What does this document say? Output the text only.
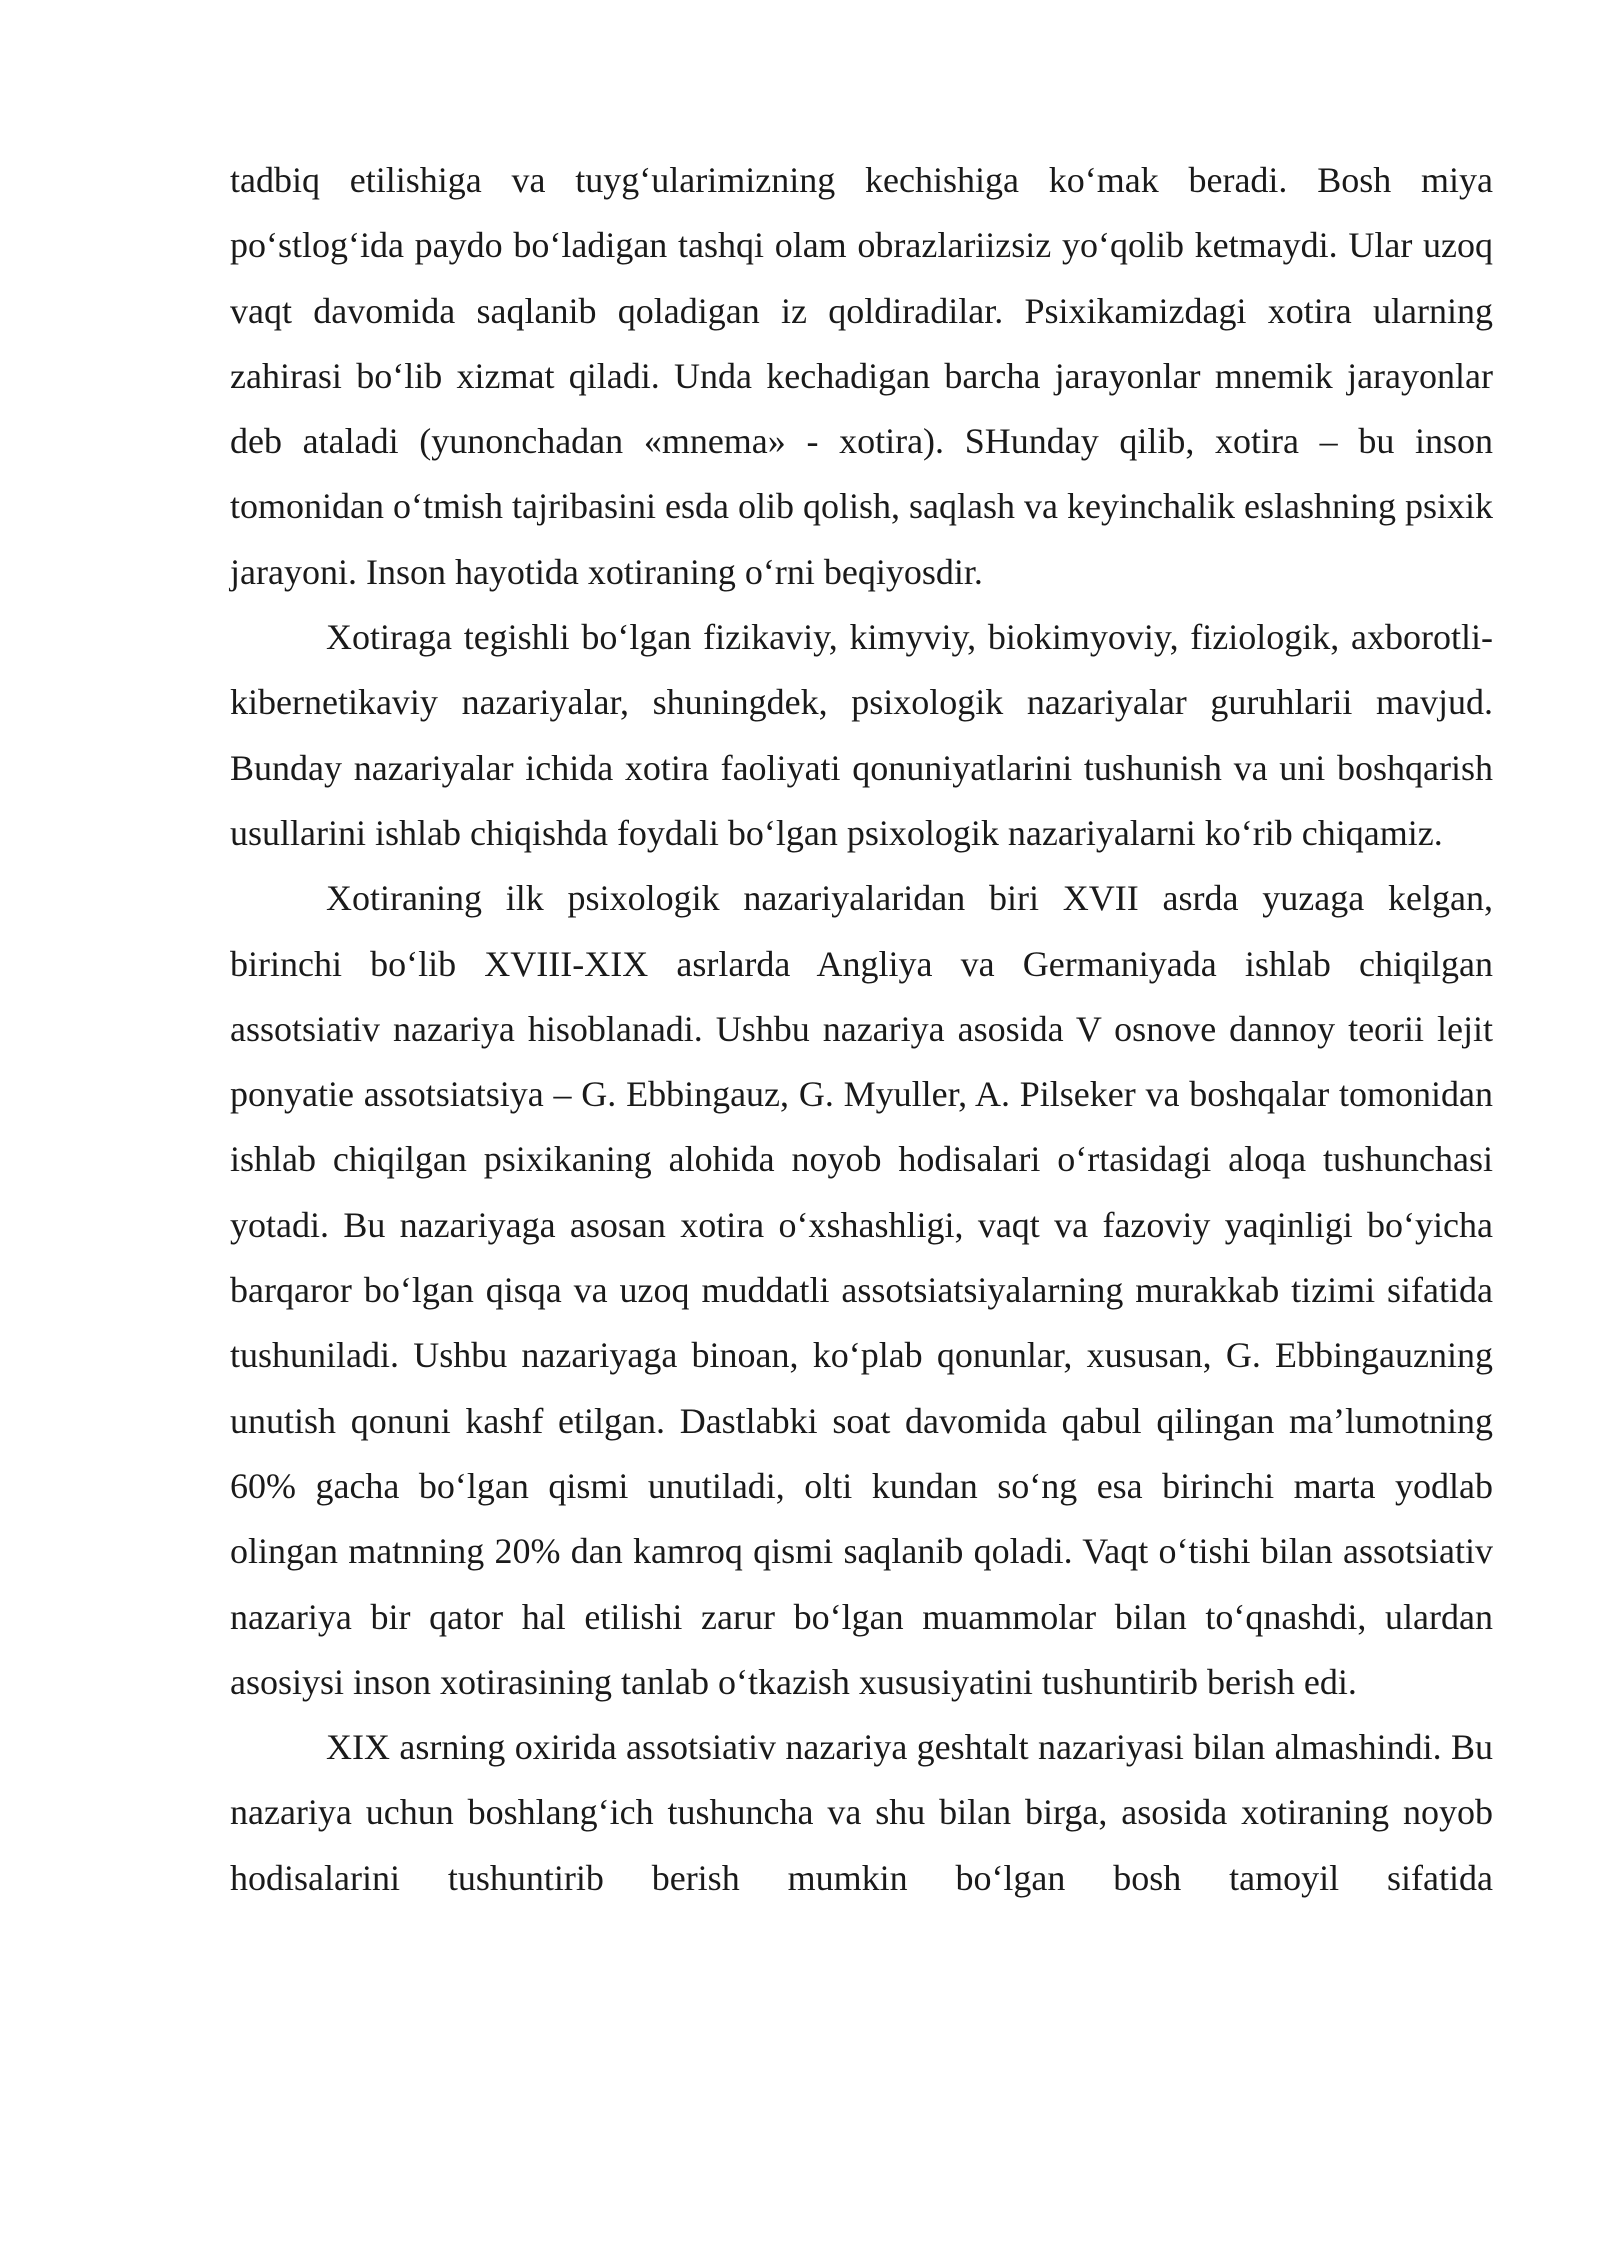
tadbiq etilishiga va tuyg‘ularimizning kechishiga ko‘mak beradi. Bosh miya po‘stlog‘ida paydo bo‘ladigan tashqi olam obrazlariizsiz yo‘qolib ketmaydi. Ular uzoq vaqt davomida saqlanib qoladigan iz qoldiradilar. Psixikamizdagi xotira ularning zahirasi bo‘lib xizmat qiladi. Unda kechadigan barcha jarayonlar mnemik jarayonlar deb ataladi (yunonchadan «mnema» - xotira). SHunday qilib, xotira – bu inson tomonidan o‘tmish tajribasini esda olib qolish, saqlash va keyinchalik eslashning psixik jarayoni. Inson hayotida xotiraning o‘rni beqiyosdir.

Xotiraga tegishli bo‘lgan fizikaviy, kimyviy, biokimyoviy, fiziologik, axborotli-kibernetikaviy nazariyalar, shuningdek, psixologik nazariyalar guruhlarii mavjud. Bunday nazariyalar ichida xotira faoliyati qonuniyatlarini tushunish va uni boshqarish usullarini ishlab chiqishda foydali bo‘lgan psixologik nazariyalarni ko‘rib chiqamiz.

Xotiraning ilk psixologik nazariyalaridan biri XVII asrda yuzaga kelgan, birinchi bo‘lib XVIII-XIX asrlarda Angliya va Germaniyada ishlab chiqilgan assotsiativ nazariya hisoblanadi. Ushbu nazariya asosida V osnove dannoy teorii lejit ponyatie assotsiatsiya – G. Ebbingauz, G. Myuller, A. Pilseker va boshqalar tomonidan ishlab chiqilgan psixikaning alohida noyob hodisalari o‘rtasidagi aloqa tushunchasi yotadi. Bu nazariyaga asosan xotira o‘xshashligi, vaqt va fazoviy yaqinligi bo‘yicha barqaror bo‘lgan qisqa va uzoq muddatli assotsiatsiyalarning murakkab tizimi sifatida tushuniladi. Ushbu nazariyaga binoan, ko‘plab qonunlar, xususan, G. Ebbingauzning unutish qonuni kashf etilgan. Dastlabki soat davomida qabul qilingan ma’lumotning 60% gacha bo‘lgan qismi unutiladi, olti kundan so‘ng esa birinchi marta yodlab olingan matnning 20% dan kamroq qismi saqlanib qoladi. Vaqt o‘tishi bilan assotsiativ nazariya bir qator hal etilishi zarur bo‘lgan muammolar bilan to‘qnashdi, ulardan asosiysi inson xotirasining tanlab o‘tkazish xususiyatini tushuntirib berish edi.

XIX asrning oxirida assotsiativ nazariya geshtalt nazariyasi bilan almashindi. Bu nazariya uchun boshlang‘ich tushuncha va shu bilan birga, asosida xotiraning noyob hodisalarini tushuntirib berish mumkin bo‘lgan bosh tamoyil sifatida
